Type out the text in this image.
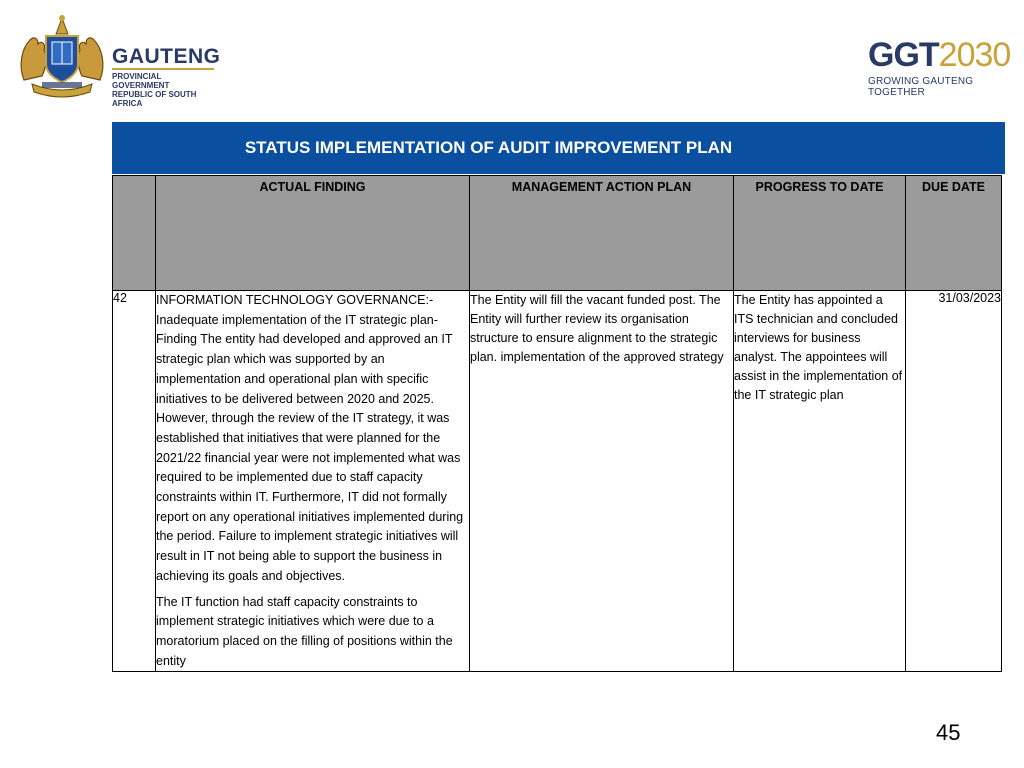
GAUTENG
PROVINCIAL GOVERNMENT
REPUBLIC OF SOUTH AFRICA
GGT2030
GROWING GAUTENG TOGETHER
STATUS IMPLEMENTATION OF AUDIT IMPROVEMENT PLAN
	ACTUAL FINDING	MANAGEMENT ACTION PLAN	PROGRESS TO DATE	DUE DATE
42	INFORMATION TECHNOLOGY GOVERNANCE:- Inadequate implementation of the IT strategic plan- Finding The entity had developed and approved an IT strategic plan which was supported by an implementation and operational plan with specific initiatives to be delivered between 2020 and 2025. However, through the review of the IT strategy, it was established that initiatives that were planned for the 2021/22 financial year were not implemented what was required to be implemented due to staff capacity constraints within IT. Furthermore, IT did not formally report on any operational initiatives implemented during the period. Failure to implement strategic initiatives will result in IT not being able to support the business in achieving its goals and objectives.

The IT function had staff capacity constraints to implement strategic initiatives which were due to a moratorium placed on the filling of positions within the entity	The Entity will fill the vacant funded post. The Entity will further review its organisation structure to ensure alignment to the strategic plan. implementation of the approved strategy	The Entity has appointed a ITS technician and concluded interviews for business analyst. The appointees will assist in the implementation of the IT strategic plan	31/03/2023
45
